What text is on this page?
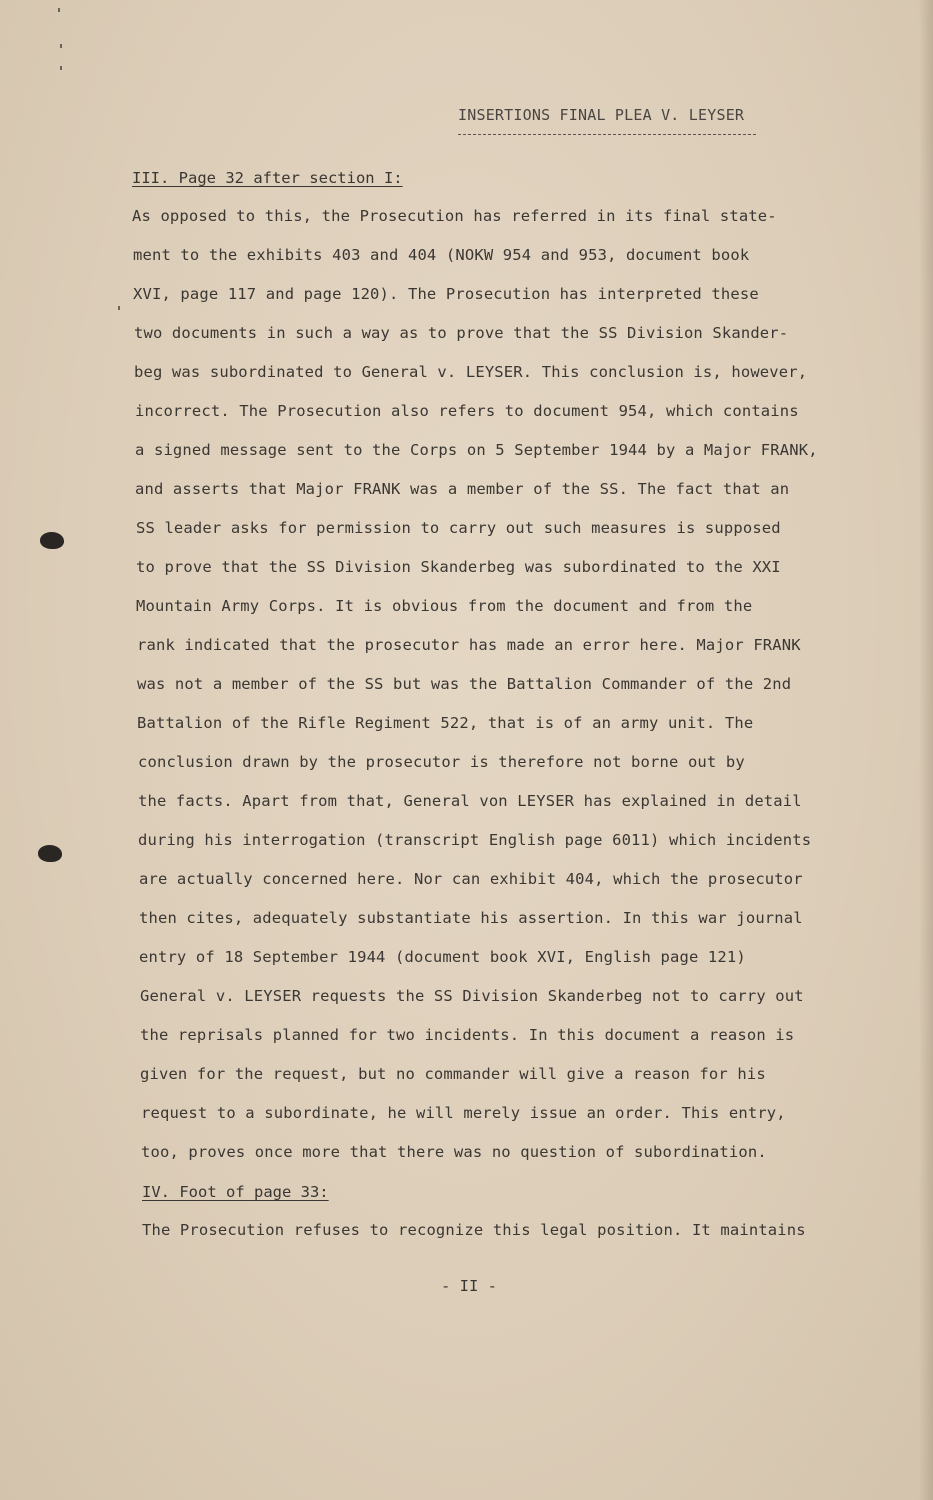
INSERTIONS FINAL PLEA V. LEYSER
III. Page 32 after section I:
As opposed to this, the Prosecution has referred in its final state-
ment to the exhibits 403 and 404 (NOKW 954 and 953, document book
XVI, page 117 and page 120). The Prosecution has interpreted these
two documents in such a way as to prove that the SS Division Skander-
beg was subordinated to General v. LEYSER. This conclusion is, however,
incorrect. The Prosecution also refers to document 954, which contains
a signed message sent to the Corps on 5 September 1944 by a Major FRANK,
and asserts that Major FRANK was a member of the SS. The fact that an
SS leader asks for permission to carry out such measures is supposed
to prove that the SS Division Skanderbeg was subordinated to the XXI
Mountain Army Corps. It is obvious from the document and from the
rank indicated that the prosecutor has made an error here. Major FRANK
was not a member of the SS but was the Battalion Commander of the 2nd
Battalion of the Rifle Regiment 522, that is of an army unit. The
conclusion drawn by the prosecutor is therefore not borne out by
the facts. Apart from that, General von LEYSER has explained in detail
during his interrogation (transcript English page 6011) which incidents
are actually concerned here. Nor can exhibit 404, which the prosecutor
then cites, adequately substantiate his assertion. In this war journal
entry of 18 September 1944 (document book XVI, English page 121)
General v. LEYSER requests the SS Division Skanderbeg not to carry out
the reprisals planned for two incidents. In this document a reason is
given for the request, but no commander will give a reason for his
request to a subordinate, he will merely issue an order. This entry,
too, proves once more that there was no question of subordination.
IV. Foot of page 33:
The Prosecution refuses to recognize this legal position. It maintains
- II -
